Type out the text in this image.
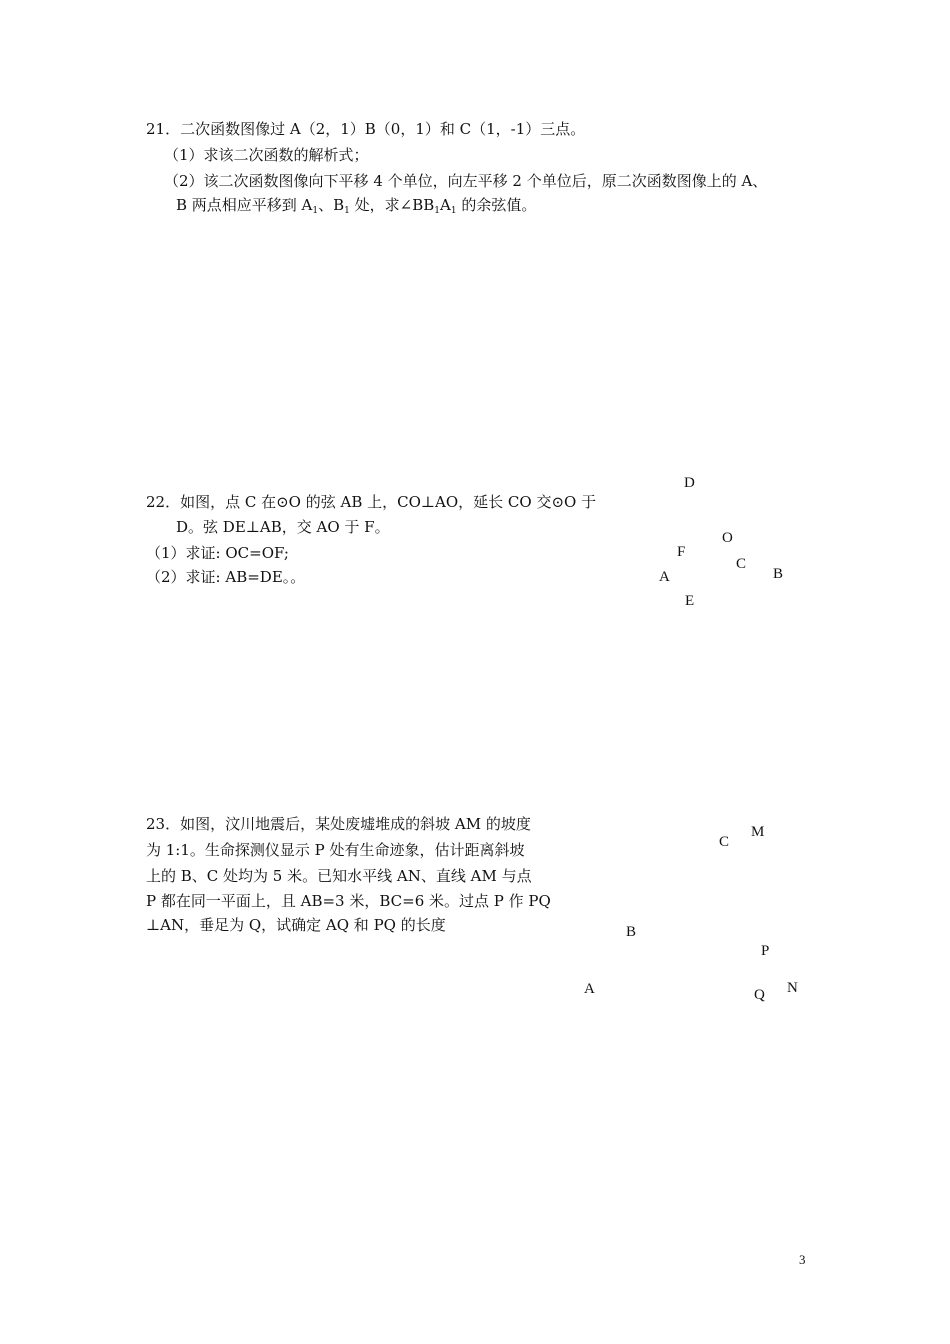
21．二次函数图像过 A（2，1）B（0，1）和 C（1，-1）三点。
（1）求该二次函数的解析式；
（2）该二次函数图像向下平移 4 个单位，向左平移 2 个单位后，原二次函数图像上的 A、
B 两点相应平移到 $A_1$、$B_1$ 处，求$\angle BB_1A_1$ 的余弦值。
22．如图，点 C 在⊙O 的弦 AB 上，CO⊥AO，延长 CO 交⊙O 于
D。弦 DE⊥AB，交 AO 于 F。
（1）求证: OC=OF;
（2）求证: AB=DE。。
D
O
F
C
A	B
E
23．如图，汶川地震后，某处废墟堆成的斜坡 AM 的坡度
为 1:1。生命探测仪显示 P 处有生命迹象，估计距离斜坡
上的 B、C 处均为 5 米。已知水平线 AN、直线 AM 与点
P 都在同一平面上，且 AB=3 米，BC=6 米。过点 P 作 PQ
⊥AN，垂足为 Q，试确定 AQ 和 PQ 的长度
C
M
B
P
A	Q N
3
